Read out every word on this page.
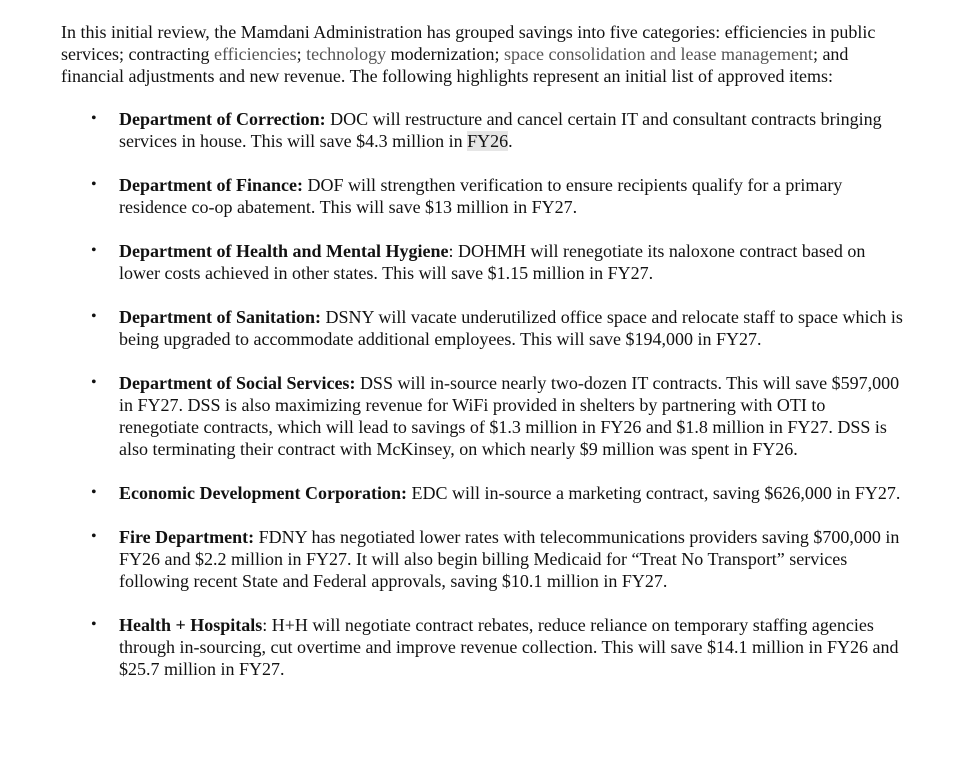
In this initial review, the Mamdani Administration has grouped savings into five categories: efficiencies in public services; contracting efficiencies; technology modernization; space consolidation and lease management; and financial adjustments and new revenue. The following highlights represent an initial list of approved items:

• Department of Correction: DOC will restructure and cancel certain IT and consultant contracts bringing services in house. This will save $4.3 million in FY26.
• Department of Finance: DOF will strengthen verification to ensure recipients qualify for a primary residence co-op abatement. This will save $13 million in FY27.
• Department of Health and Mental Hygiene: DOHMH will renegotiate its naloxone contract based on lower costs achieved in other states. This will save $1.15 million in FY27.
• Department of Sanitation: DSNY will vacate underutilized office space and relocate staff to space which is being upgraded to accommodate additional employees. This will save $194,000 in FY27.
• Department of Social Services: DSS will in-source nearly two-dozen IT contracts. This will save $597,000 in FY27. DSS is also maximizing revenue for WiFi provided in shelters by partnering with OTI to renegotiate contracts, which will lead to savings of $1.3 million in FY26 and $1.8 million in FY27. DSS is also terminating their contract with McKinsey, on which nearly $9 million was spent in FY26.
• Economic Development Corporation: EDC will in-source a marketing contract, saving $626,000 in FY27.
• Fire Department: FDNY has negotiated lower rates with telecommunications providers saving $700,000 in FY26 and $2.2 million in FY27. It will also begin billing Medicaid for “Treat No Transport” services following recent State and Federal approvals, saving $10.1 million in FY27.
• Health + Hospitals: H+H will negotiate contract rebates, reduce reliance on temporary staffing agencies through in-sourcing, cut overtime and improve revenue collection. This will save $14.1 million in FY26 and $25.7 million in FY27.
